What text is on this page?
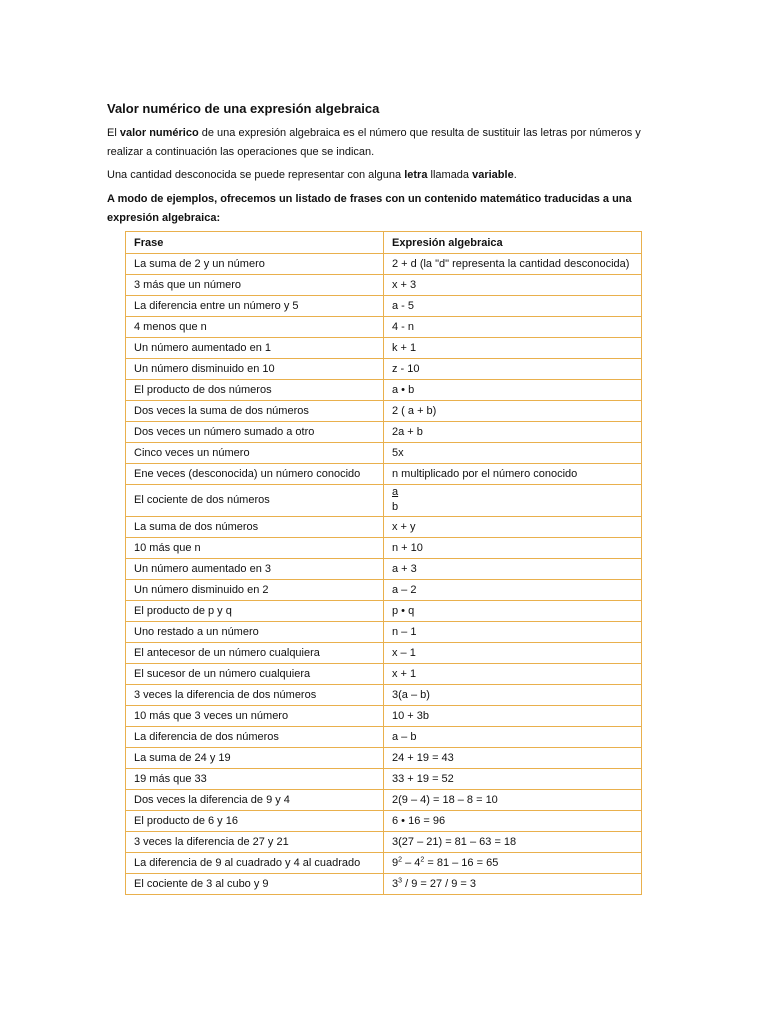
Valor numérico de una expresión algebraica

El valor numérico de una expresión algebraica es el número que resulta de sustituir las letras por números y realizar a continuación las operaciones que se indican.

Una cantidad desconocida se puede representar con alguna letra llamada variable.

A modo de ejemplos, ofrecemos un listado de frases con un contenido matemático traducidas a una expresión algebraica:

Frase	Expresión algebraica
La suma de 2 y un número	2 + d (la "d" representa la cantidad desconocida)
3 más que un número	x + 3
La diferencia entre un número y 5	a - 5
4 menos que n	4 - n
Un número aumentado en 1	k + 1
Un número disminuido en 10	z - 10
El producto de dos números	a • b
Dos veces la suma de dos números	2 ( a + b)
Dos veces un número sumado a otro	2a + b
Cinco veces un número	5x
Ene veces (desconocida) un número conocido	n multiplicado por el número conocido
El cociente de dos números	$\frac{a}{b}$

La suma de dos números	x + y
10 más que n	n + 10
Un número aumentado en 3	a + 3
Un número disminuido en 2	a – 2
El producto de p y q	p • q
Uno restado a un número	n – 1
El antecesor de un número cualquiera	x – 1
El sucesor de un número cualquiera	x + 1
3 veces la diferencia de dos números	3(a – b)
10 más que 3 veces un número	10 + 3b
La diferencia de dos números	a – b
La suma de 24 y 19	24 + 19 = 43
19 más que 33	33 + 19 = 52
Dos veces la diferencia de 9 y 4	2(9 – 4) = 18 – 8 = 10
El producto de 6 y 16	6 • 16 = 96
3 veces la diferencia de 27 y 21	3(27 – 21) = 81 – 63 = 18
La diferencia de 9 al cuadrado y 4 al cuadrado	$9^2 - 4^2 = 81 - 16 = 65$
El cociente de 3 al cubo y 9	$3^3 / 9 = 27 / 9 = 3$
